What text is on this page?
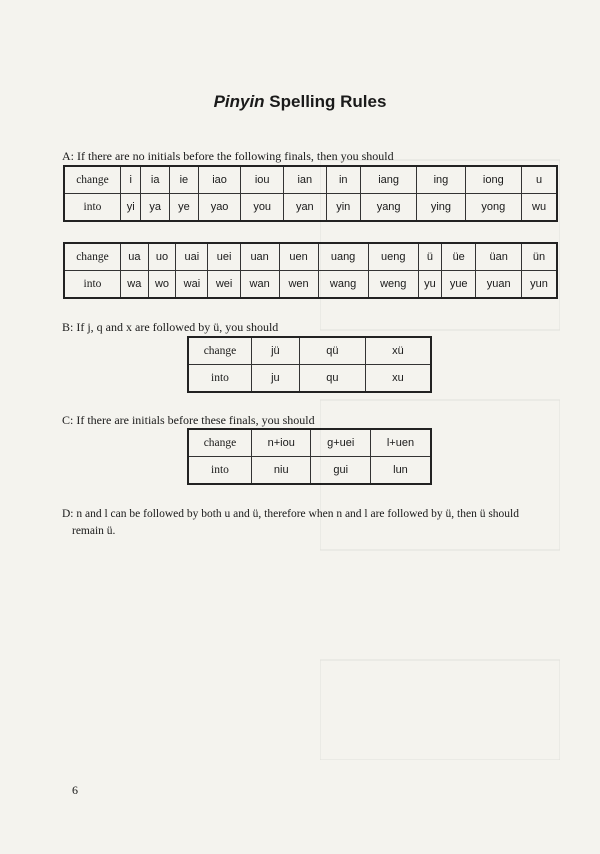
Pinyin Spelling Rules
A: If there are no initials before the following finals, then you should
change	i	ia	ie	iao	iou	ian	in	iang	ing	iong	u
into	yi	ya	ye	yao	you	yan	yin	yang	ying	yong	wu
change	ua	uo	uai	uei	uan	uen	uang	ueng	ü	üe	üan	ün
into	wa	wo	wai	wei	wan	wen	wang	weng	yu	yue	yuan	yun
B: If j, q and x are followed by ü, you should
change	jü	qü	xü
into	ju	qu	xu
C: If there are initials before these finals, you should
change	n+iou	g+uei	l+uen
into	niu	gui	lun
D: n and l can be followed by both u and ü, therefore when n and l are followed by ü, then ü should
remain ü.
6
